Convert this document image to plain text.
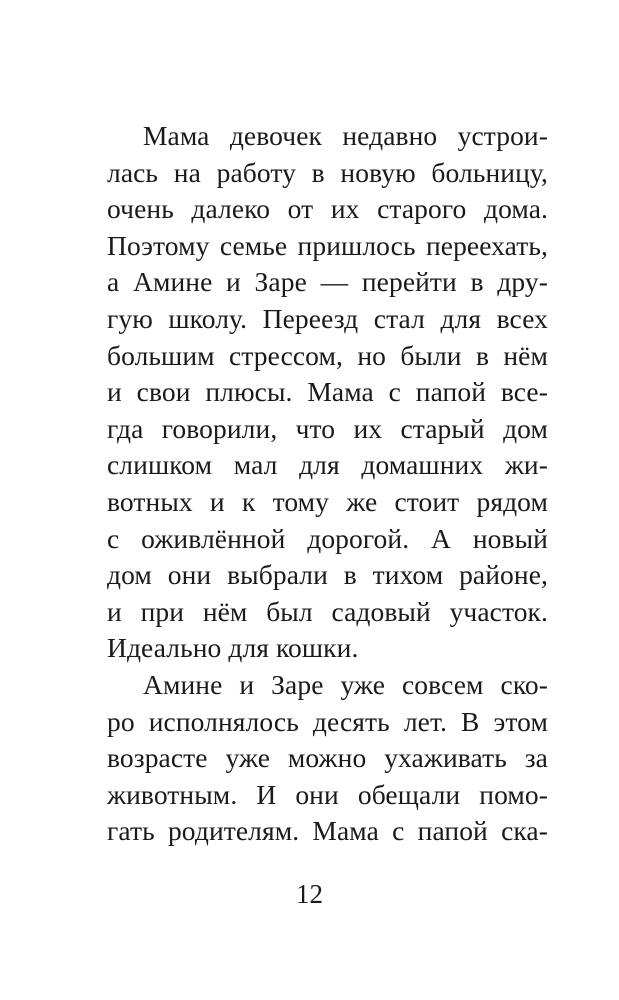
Мама девочек недавно устрои-
лась на работу в новую больницу,
очень далеко от их старого дома.
Поэтому семье пришлось переехать,
а Амине и Заре — перейти в дру-
гую школу. Переезд стал для всех
большим стрессом, но были в нём
и свои плюсы. Мама с папой все-
гда говорили, что их старый дом
слишком мал для домашних жи-
вотных и к тому же стоит рядом
с оживлённой дорогой. А новый
дом они выбрали в тихом районе,
и при нём был садовый участок.
Идеально для кошки.
Амине и Заре уже совсем ско-
ро исполнялось десять лет. В этом
возрасте уже можно ухаживать за
животным. И они обещали помо-
гать родителям. Мама с папой ска-
12
